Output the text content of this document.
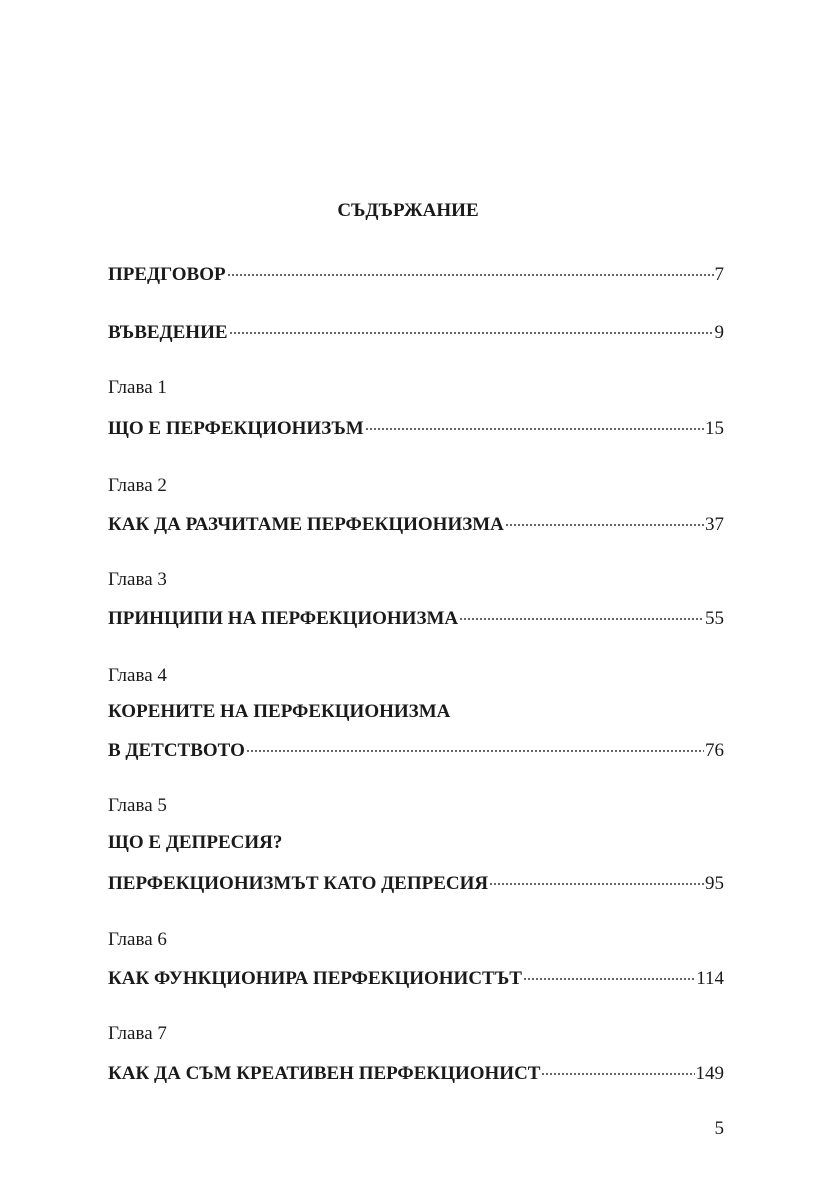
СЪДЪРЖАНИЕ
ПРЕДГОВОР	7
ВЪВЕДЕНИЕ	9
Глава 1
ЩО Е ПЕРФЕКЦИОНИЗЪМ	15
Глава 2
КАК ДА РАЗЧИТАМЕ ПЕРФЕКЦИОНИЗМА	37
Глава 3
ПРИНЦИПИ НА ПЕРФЕКЦИОНИЗМА	55
Глава 4
КОРЕНИТЕ НА ПЕРФЕКЦИОНИЗМА
В ДЕТСТВОТО	76
Глава 5
ЩО Е ДЕПРЕСИЯ?
ПЕРФЕКЦИОНИЗМЪТ КАТО ДЕПРЕСИЯ	95
Глава 6
КАК ФУНКЦИОНИРА ПЕРФЕКЦИОНИСТЪТ	114
Глава 7
КАК ДА СЪМ КРЕАТИВЕН ПЕРФЕКЦИОНИСТ	149
5
